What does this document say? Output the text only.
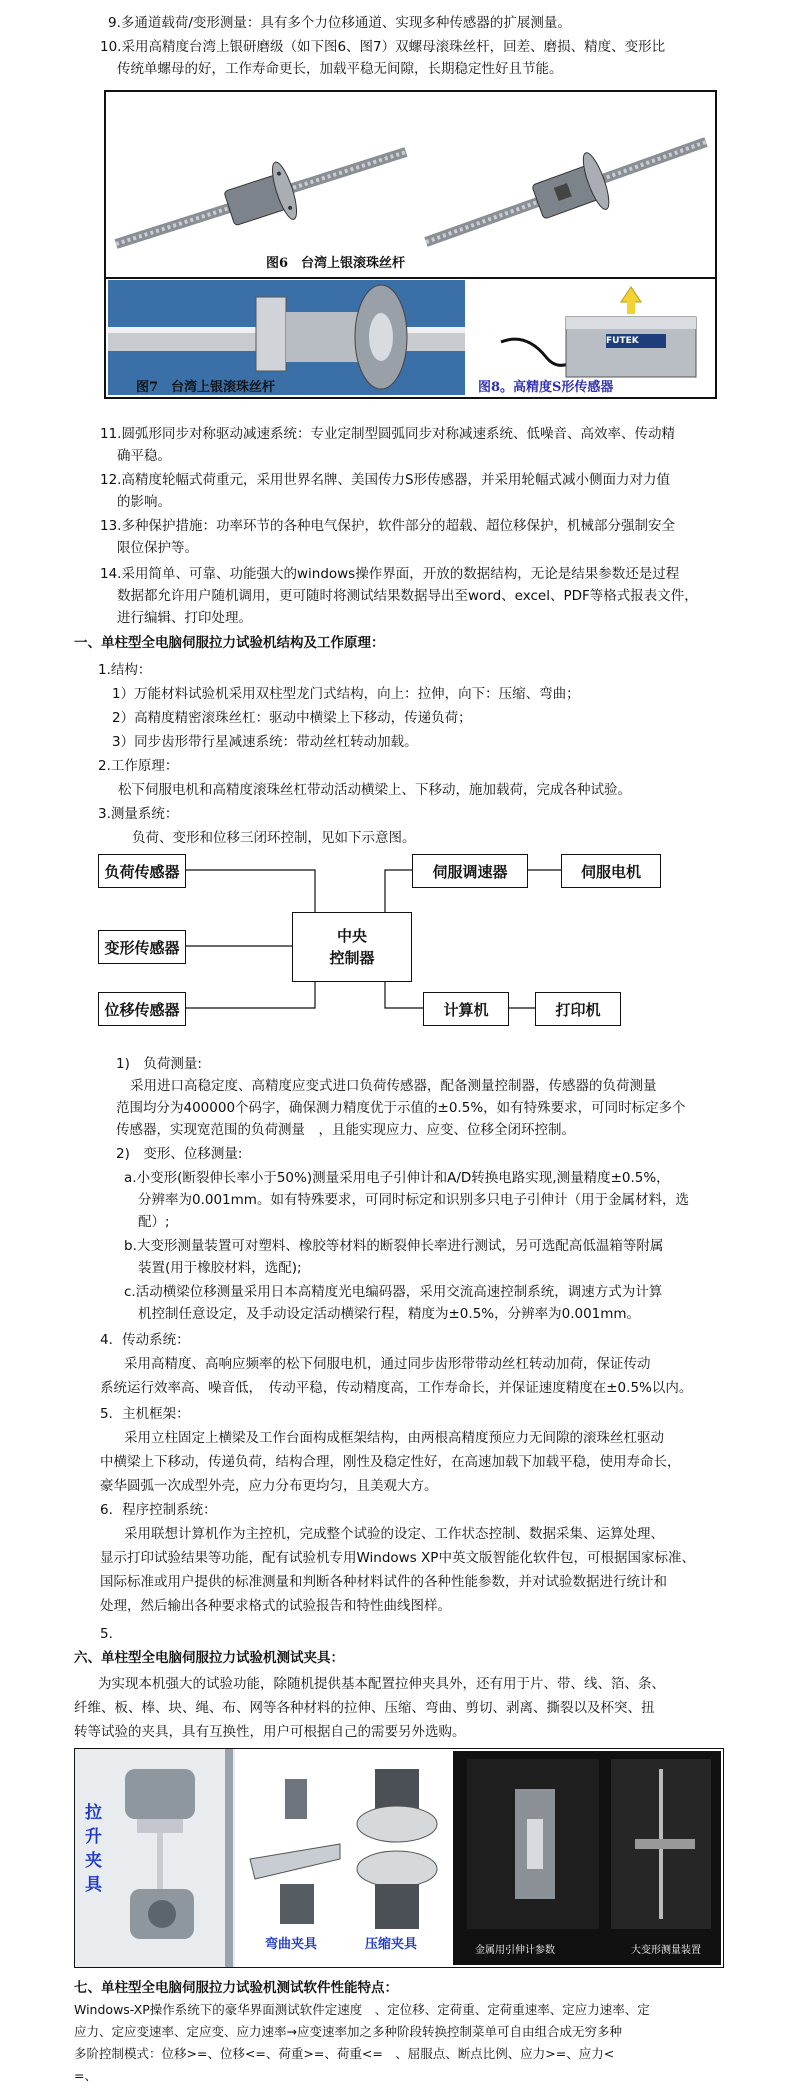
9.多通道载荷/变形测量：具有多个力位移通道、实现多种传感器的扩展测量。
10.采用高精度台湾上银研磨级（如下图6、图7）双螺母滚珠丝杆，回差、磨损、精度、变形比
传统单螺母的好，工作寿命更长，加载平稳无间隙，长期稳定性好且节能。
图6　台湾上银滚珠丝杆
FUTEK
图7　台湾上银滚珠丝杆	图8。高精度S形传感器
11.圆弧形同步对称驱动减速系统：专业定制型圆弧同步对称减速系统、低噪音、高效率、传动精
确平稳。
12.高精度轮幅式荷重元，采用世界名牌、美国传力S形传感器，并采用轮幅式减小侧面力对力值
的影响。
13.多种保护措施：功率环节的各种电气保护，软件部分的超载、超位移保护，机械部分强制安全
限位保护等。
14.采用简单、可靠、功能强大的windows操作界面，开放的数据结构，无论是结果参数还是过程
数据都允许用户随机调用，更可随时将测试结果数据导出至word、excel、PDF等格式报表文件，
进行编辑、打印处理。
一、单柱型全电脑伺服拉力试验机结构及工作原理：
1.结构：
1）万能材料试验机采用双柱型龙门式结构，向上：拉伸，向下：压缩、弯曲；
2）高精度精密滚珠丝杠：驱动中横梁上下移动，传递负荷；
3）同步齿形带行星减速系统：带动丝杠转动加载。
2.工作原理：
松下伺服电机和高精度滚珠丝杠带动活动横梁上、下移动，施加载荷，完成各种试验。
3.测量系统：
负荷、变形和位移三闭环控制，见如下示意图。
负荷传感器
变形传感器
位移传感器
中央
控制器
伺服调速器	伺服电机
计算机	打印机
1)　负荷测量:
采用进口高稳定度、高精度应变式进口负荷传感器，配备测量控制器，传感器的负荷测量
范围均分为400000个码字，确保测力精度优于示值的±0.5%，如有特殊要求，可同时标定多个
传感器，实现宽范围的负荷测量　，且能实现应力、应变、位移全闭环控制。
2)　变形、位移测量:
a.小变形(断裂伸长率小于50%)测量采用电子引伸计和A/D转换电路实现,测量精度±0.5%，
分辨率为0.001mm。如有特殊要求，可同时标定和识别多只电子引伸计（用于金属材料，选
配）;
b.大变形测量装置可对塑料、橡胶等材料的断裂伸长率进行测试，另可选配高低温箱等附属
装置(用于橡胶材料，选配);
c.活动横梁位移测量采用日本高精度光电编码器，采用交流高速控制系统，调速方式为计算
机控制任意设定，及手动设定活动横梁行程，精度为±0.5%，分辨率为0.001mm。
4．传动系统：
采用高精度、高响应频率的松下伺服电机，通过同步齿形带带动丝杠转动加荷，保证传动
系统运行效率高、噪音低，　传动平稳，传动精度高，工作寿命长，并保证速度精度在±0.5%以内。
5．主机框架：
采用立柱固定上横梁及工作台面构成框架结构，由两根高精度预应力无间隙的滚珠丝杠驱动
中横梁上下移动，传递负荷，结构合理，刚性及稳定性好，在高速加载下加载平稳，使用寿命长，
豪华圆弧一次成型外壳，应力分布更均匀，且美观大方。
6．程序控制系统：
采用联想计算机作为主控机，完成整个试验的设定、工作状态控制、数据采集、运算处理、
显示打印试验结果等功能，配有试验机专用Windows XP中英文版智能化软件包，可根据国家标准、
国际标准或用户提供的标准测量和判断各种材料试件的各种性能参数，并对试验数据进行统计和
处理，然后输出各种要求格式的试验报告和特性曲线图样。
5．
六、单柱型全电脑伺服拉力试验机测试夹具：
为实现本机强大的试验功能，除随机提供基本配置拉伸夹具外，还有用于片、带、线、箔、条、
纤维、板、棒、块、绳、布、网等各种材料的拉伸、压缩、弯曲、剪切、剥离、撕裂以及杯突、扭
转等试验的夹具，具有互换性，用户可根据自己的需要另外选购。
拉
升
夹
具
弯曲夹具	压缩夹具	金属用引伸计参数	大变形测量装置
七、单柱型全电脑伺服拉力试验机测试软件性能特点：
Windows-XP操作系统下的豪华界面测试软件定速度　、定位移、定荷重、定荷重速率、定应力速率、定
应力、定应变速率、定应变、应力速率→应变速率加之多种阶段转换控制菜单可自由组合成无穷多种
多阶控制模式：位移>=、位移<=、荷重>=、荷重<=　、屈服点、断点比例、应力>=、应力<
=、
